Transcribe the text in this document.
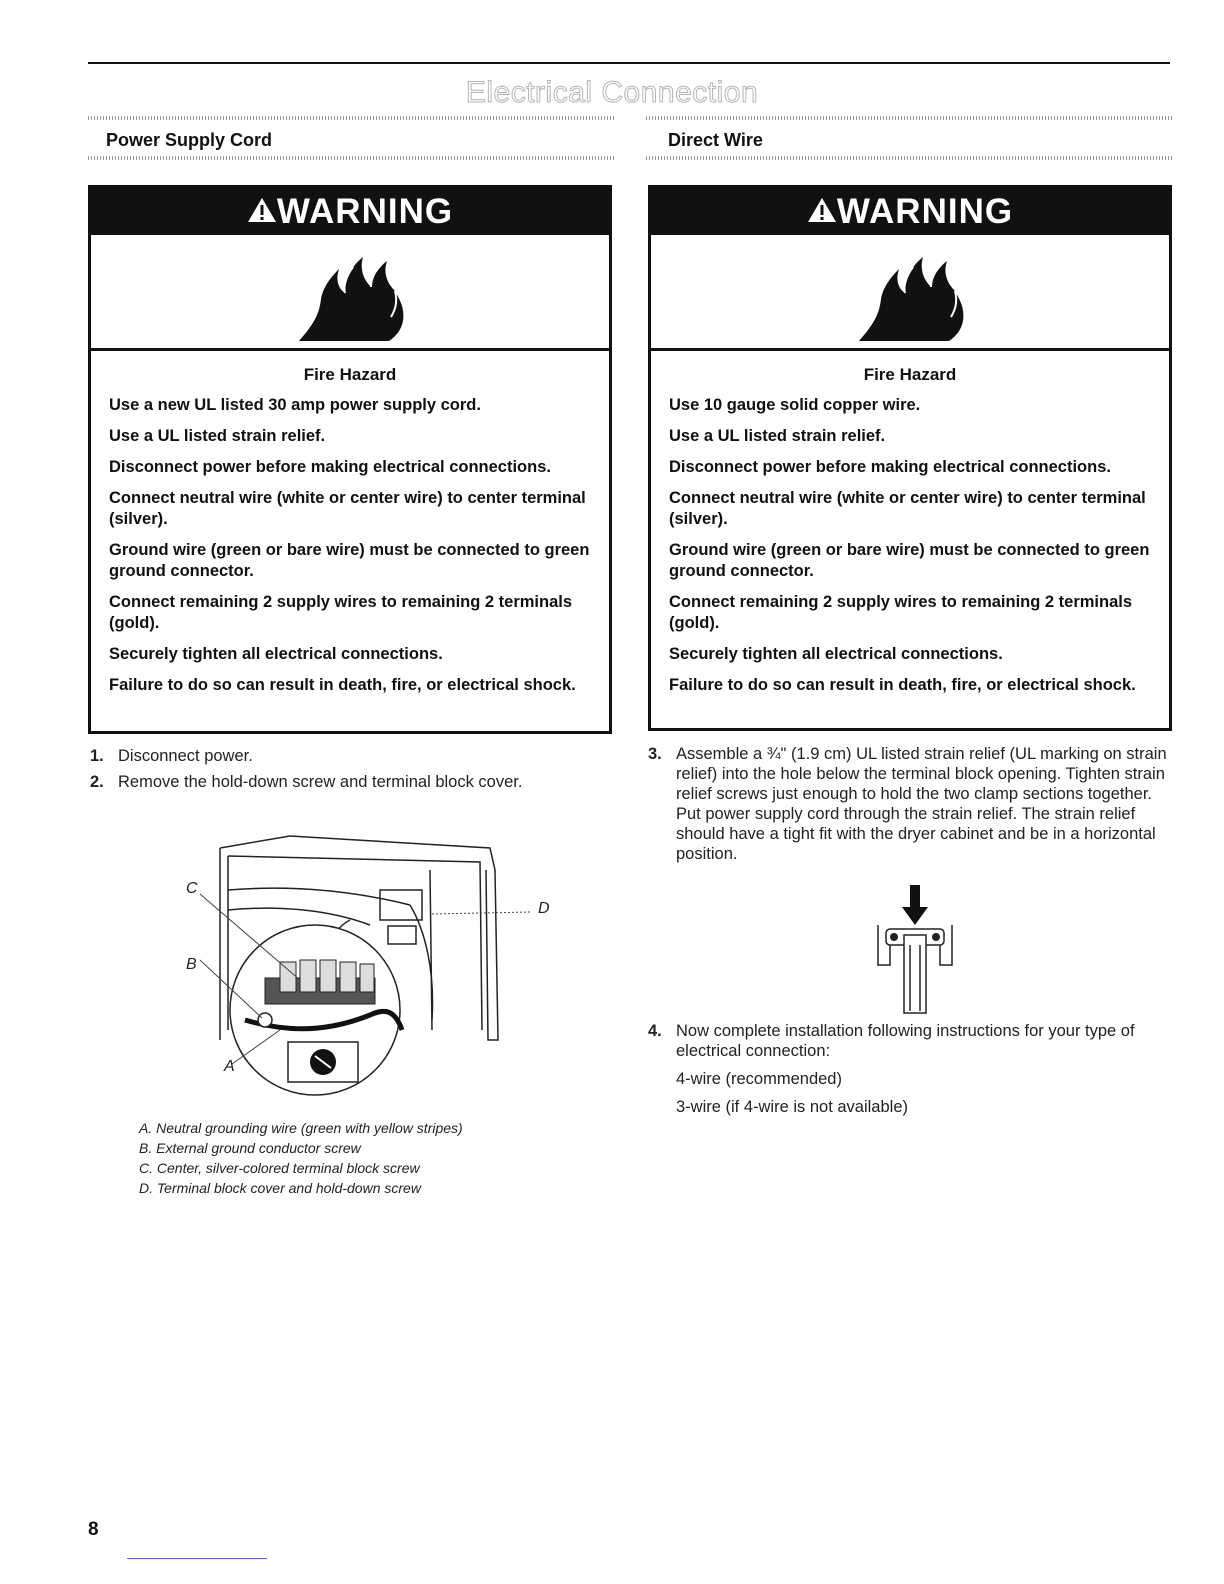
Electrical Connection
Power Supply Cord
WARNING
Fire Hazard
Use a new UL listed 30 amp power supply cord.
Use a UL listed strain relief.
Disconnect power before making electrical connections.
Connect neutral wire (white or center wire) to center terminal (silver).
Ground wire (green or bare wire) must be connected to green ground connector.
Connect remaining 2 supply wires to remaining 2 terminals (gold).
Securely tighten all electrical connections.
Failure to do so can result in death, fire, or electrical shock.
Direct Wire
WARNING
Fire Hazard
Use 10 gauge solid copper wire.
Use a UL listed strain relief.
Disconnect power before making electrical connections.
Connect neutral wire (white or center wire) to center terminal (silver).
Ground wire (green or bare wire) must be connected to green ground connector.
Connect remaining 2 supply wires to remaining 2 terminals (gold).
Securely tighten all electrical connections.
Failure to do so can result in death, fire, or electrical shock.
1. Disconnect power.
2. Remove the hold-down screw and terminal block cover.
C
B
A
D
A. Neutral grounding wire (green with yellow stripes)
B. External ground conductor screw
C. Center, silver-colored terminal block screw
D. Terminal block cover and hold-down screw
3. Assemble a ¾" (1.9 cm) UL listed strain relief (UL marking on strain relief) into the hole below the terminal block opening. Tighten strain relief screws just enough to hold the two clamp sections together. Put power supply cord through the strain relief. The strain relief should have a tight fit with the dryer cabinet and be in a horizontal position.
4. Now complete installation following instructions for your type of electrical connection:
4-wire (recommended)
3-wire (if 4-wire is not available)
8
